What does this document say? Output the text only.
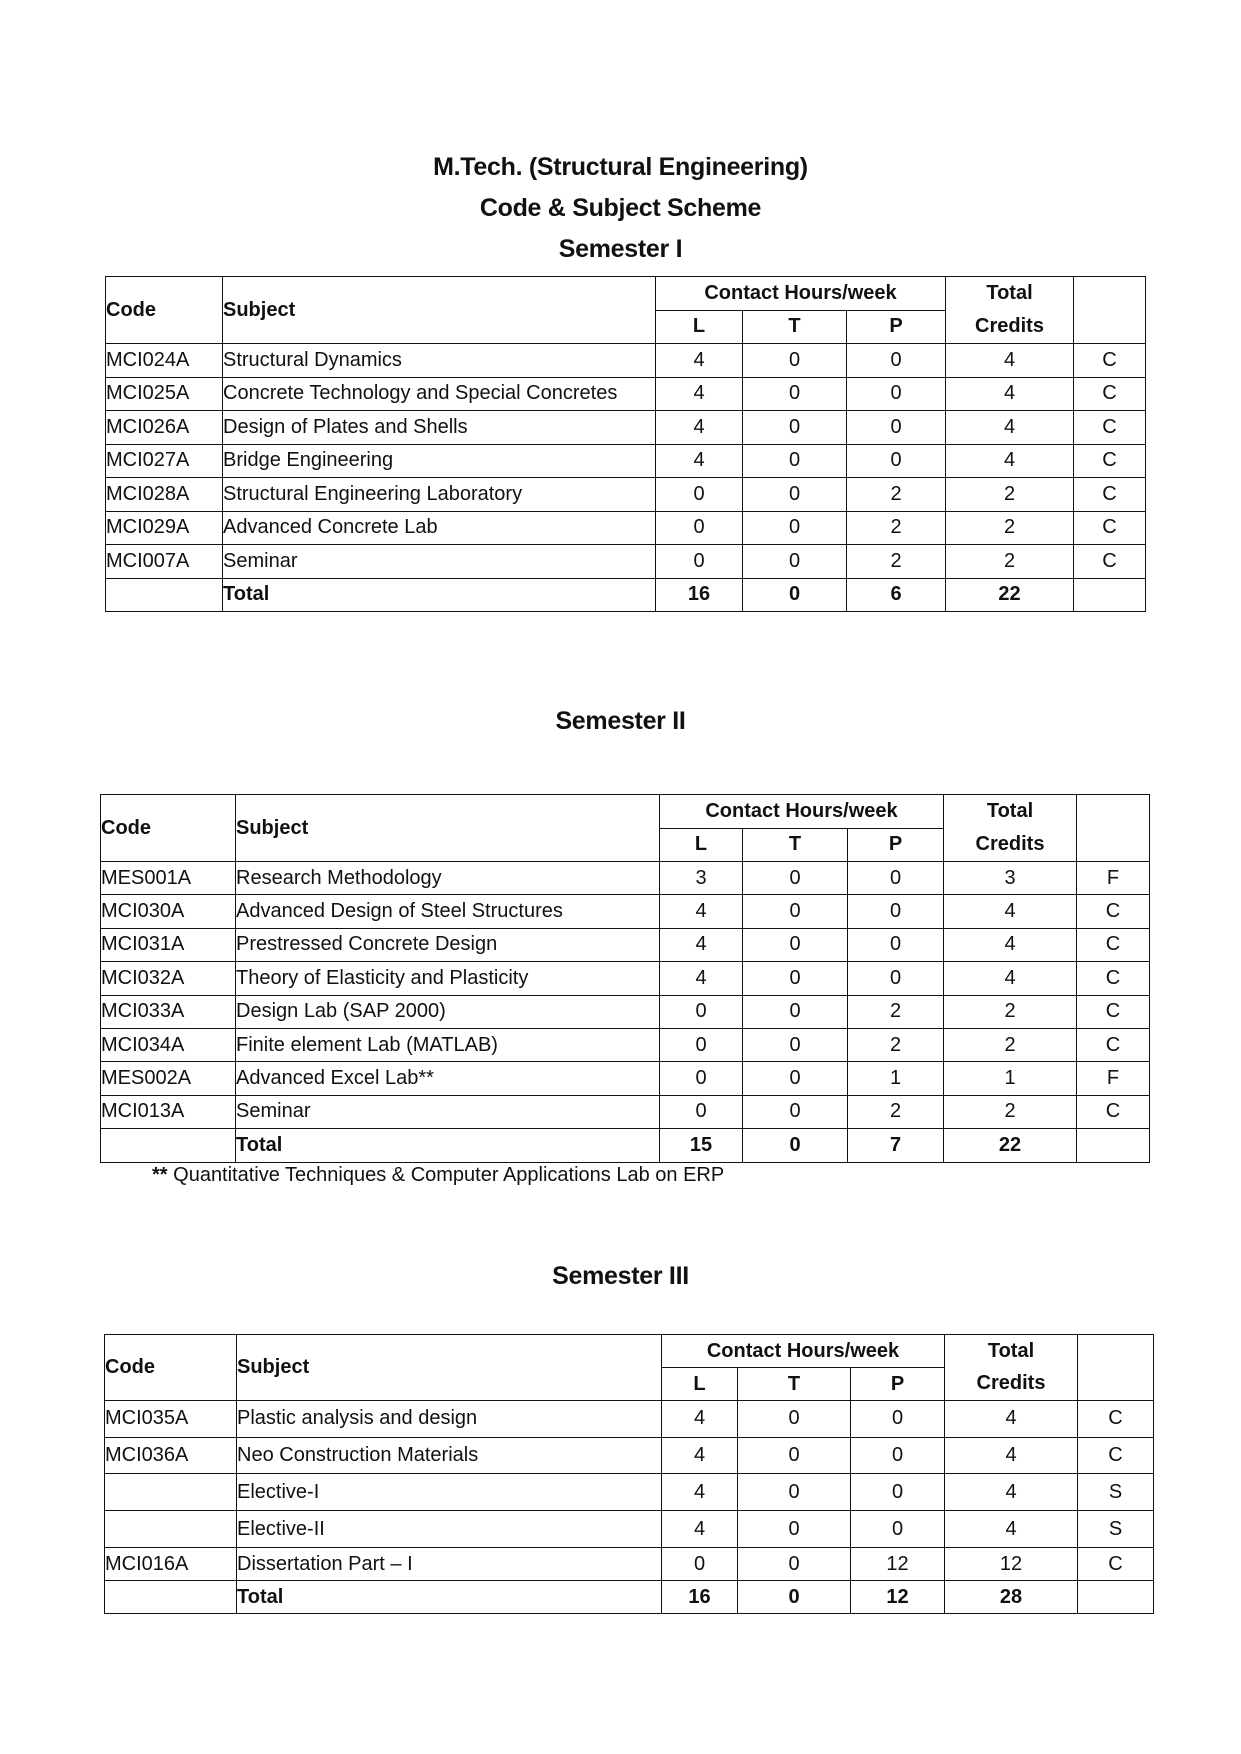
M.Tech. (Structural Engineering)
Code & Subject Scheme
Semester I
Code	Subject	Contact Hours/week			Total	
		L	T	P	Credits	
MCI024A	Structural Dynamics	4	0	0	4	C
MCI025A	Concrete Technology and Special Concretes	4	0	0	4	C
MCI026A	Design of Plates and Shells	4	0	0	4	C
MCI027A	Bridge Engineering	4	0	0	4	C
MCI028A	Structural Engineering Laboratory	0	0	2	2	C
MCI029A	Advanced Concrete Lab	0	0	2	2	C
MCI007A	Seminar	0	0	2	2	C
	Total	16	0	6	22	
Semester II
Code	Subject	Contact Hours/week			Total	
		L	T	P	Credits	
MES001A	Research Methodology	3	0	0	3	F
MCI030A	Advanced Design of Steel Structures	4	0	0	4	C
MCI031A	Prestressed Concrete Design	4	0	0	4	C
MCI032A	Theory of Elasticity and Plasticity	4	0	0	4	C
MCI033A	Design Lab (SAP 2000)	0	0	2	2	C
MCI034A	Finite element Lab (MATLAB)	0	0	2	2	C
MES002A	Advanced Excel Lab**	0	0	1	1	F
MCI013A	Seminar	0	0	2	2	C
	Total	15	0	7	22	
** Quantitative Techniques & Computer Applications Lab on ERP
Semester III
Code	Subject	Contact Hours/week			Total	
		L	T	P	Credits	
MCI035A	Plastic analysis and design	4	0	0	4	C
MCI036A	Neo Construction Materials	4	0	0	4	C
	Elective-I	4	0	0	4	S
	Elective-II	4	0	0	4	S
MCI016A	Dissertation Part – I	0	0	12	12	C
	Total	16	0	12	28	
